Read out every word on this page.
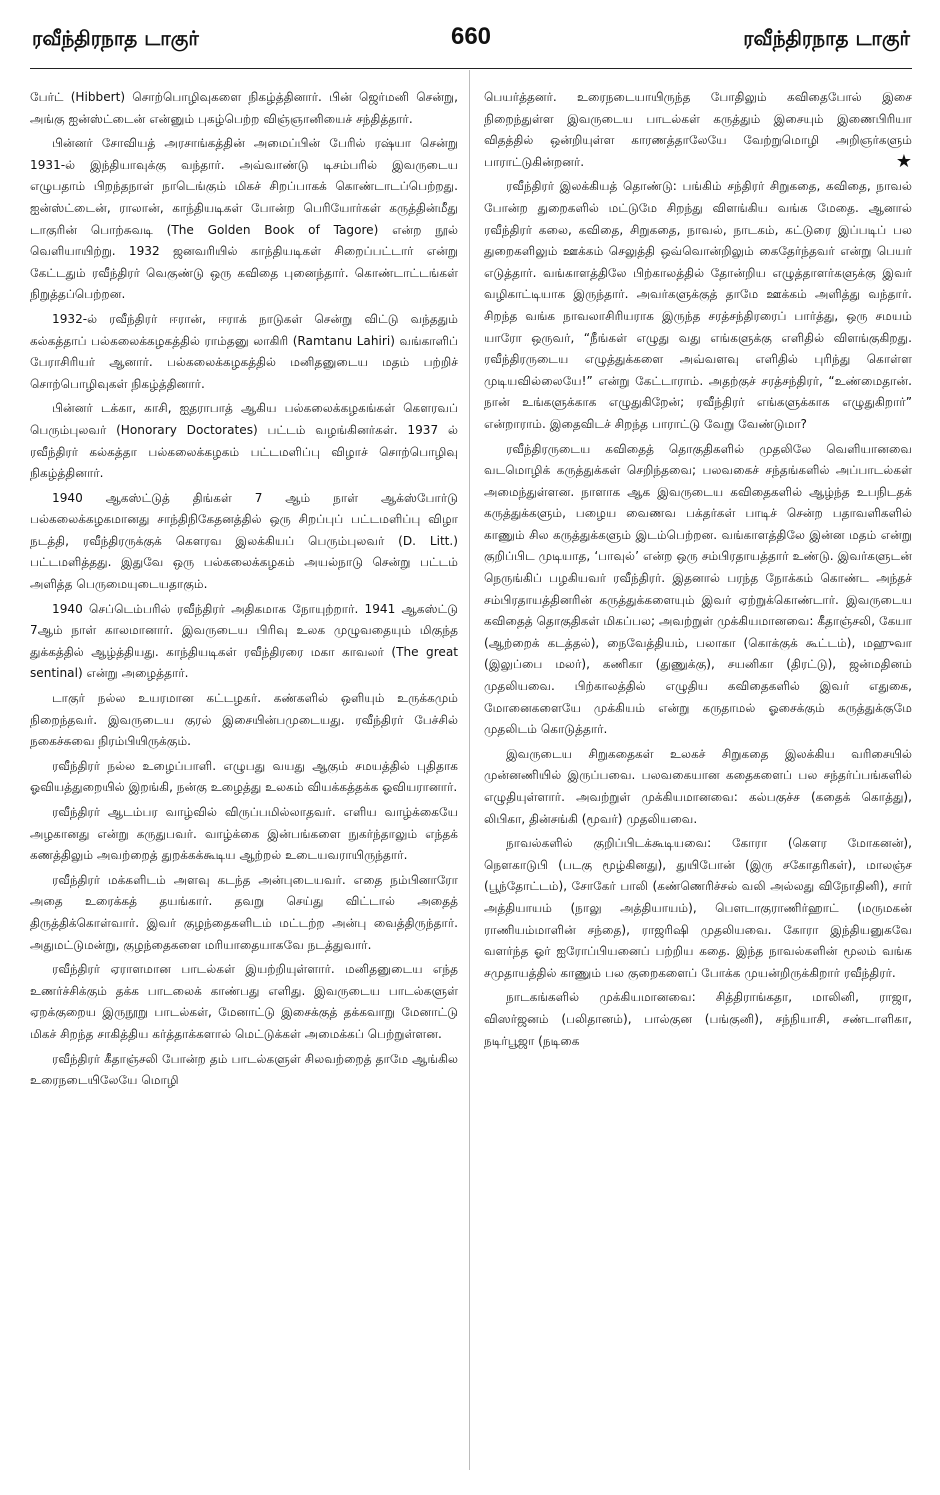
ரவீந்திரநாத டாகுர்	660	ரவீந்திரநாத டாகுர்

பேர்ட் (Hibbert) சொற்பொழிவுகளை நிகழ்த்தினார். பின் ஜெர்மனி சென்று, அங்கு ஐன்ஸ்ட்டைன் என்னும் புகழ்பெற்ற விஞ்ஞானியைச் சந்தித்தார்.

பின்னர் சோவியத் அரசாங்கத்தின் அமைப்பின் பேரில் ரஷ்யா சென்று 1931-ல் இந்தியாவுக்கு வந்தார். அவ்வாண்டு டிசம்பரில் இவருடைய எழுபதாம் பிறந்தநாள் நாடெங்கும் மிகச் சிறப்பாகக் கொண்டாடப்பெற்றது. ஐன்ஸ்ட்டைன், ராலான், காந்தியடிகள் போன்ற பெரியோர்கள் கருத்தின்மீது டாகுரின் பொற்சுவடி (The Golden Book of Tagore) என்ற நூல் வெளியாயிற்று. 1932 ஜனவரியில் காந்தியடிகள் சிறைப்பட்டார் என்று கேட்டதும் ரவீந்திரர் வெகுண்டு ஒரு கவிதை புனைந்தார். கொண்டாட்டங்கள் நிறுத்தப்பெற்றன.

1932-ல் ரவீந்திரர் ஈரான், ஈராக் நாடுகள் சென்று விட்டு வந்ததும் கல்கத்தாப் பல்கலைக்கழகத்தில் ராம்தனு லாகிரி (Ramtanu Lahiri) வங்காளிப் பேராசிரியர் ஆனார். பல்கலைக்கழகத்தில் மனிதனுடைய மதம் பற்றிச் சொற்பொழிவுகள் நிகழ்த்தினார்.

பின்னர் டக்கா, காசி, ஐதராபாத் ஆகிய பல்கலைக்கழகங்கள் கௌரவப் பெரும்புலவர் (Honorary Doctorates) பட்டம் வழங்கினர்கள். 1937 ல் ரவீந்திரர் கல்கத்தா பல்கலைக்கழகம் பட்டமளிப்பு விழாச் சொற்பொழிவு நிகழ்த்தினார்.

1940 ஆகஸ்ட்டுத் திங்கள் 7 ஆம் நாள் ஆக்ஸ்போர்டு பல்கலைக்கழகமானது சாந்திநிகேதனத்தில் ஒரு சிறப்புப் பட்டமளிப்பு விழா நடத்தி, ரவீந்திரருக்குக் கௌரவ இலக்கியப் பெரும்புலவர் (D. Litt.) பட்டமளித்தது. இதுவே ஒரு பல்கலைக்கழகம் அயல்நாடு சென்று பட்டம் அளித்த பெருமையுடையதாகும்.

1940 செப்டெம்பரில் ரவீந்திரர் அதிகமாக நோயுற்றார். 1941 ஆகஸ்ட்டு 7ஆம் நாள் காலமானார். இவருடைய பிரிவு உலக முழுவதையும் மிகுந்த துக்கத்தில் ஆழ்த்தியது. காந்தியடிகள் ரவீந்திரரை மகா காவலர் (The great sentinal) என்று அழைத்தார்.

டாகுர் நல்ல உயரமான கட்டழகர். கண்களில் ஒளியும் உருக்கமும் நிறைந்தவர். இவருடைய குரல் இசையின்பமுடையது. ரவீந்திரர் பேச்சில் நகைச்சுவை நிரம்பியிருக்கும்.

ரவீந்திரர் நல்ல உழைப்பாளி. எழுபது வயது ஆகும் சமயத்தில் புதிதாக ஓவியத்துறையில் இறங்கி, நன்கு உழைத்து உலகம் வியக்கத்தக்க ஓவியரானார்.

ரவீந்திரர் ஆடம்பர வாழ்வில் விருப்பமில்லாதவர். எளிய வாழ்க்கையே அழகானது என்று கருதுபவர். வாழ்க்கை இன்பங்களை நுகர்ந்தாலும் எந்தக் கணத்திலும் அவற்றைத் துறக்கக்கூடிய ஆற்றல் உடையவராயிருந்தார்.

ரவீந்திரர் மக்களிடம் அளவு கடந்த அன்புடையவர். எதை நம்பினாரோ அதை உரைக்கத் தயங்கார். தவறு செய்து விட்டால் அதைத் திருத்திக்கொள்வார். இவர் குழந்தைகளிடம் மட்டற்ற அன்பு வைத்திருந்தார். அதுமட்டுமன்று, குழந்தைகளை மரியாதையாகவே நடத்துவார்.

ரவீந்திரர் ஏராளமான பாடல்கள் இயற்றியுள்ளார். மனிதனுடைய எந்த உணர்ச்சிக்கும் தக்க பாடலைக் காண்பது எளிது. இவருடைய பாடல்களுள் ஏறக்குறைய இருநூறு பாடல்கள், மேனாட்டு இசைக்குத் தக்கவாறு மேனாட்டு மிகச் சிறந்த சாகித்திய கர்த்தாக்களால் மெட்டுக்கள் அமைக்கப் பெற்றுள்ளன.

ரவீந்திரர் கீதாஞ்சலி போன்ற தம் பாடல்களுள் சிலவற்றைத் தாமே ஆங்கில உரைநடையிலேயே மொழி

பெயர்த்தனர். உரைநடையாயிருந்த போதிலும் கவிதைபோல் இசை நிறைந்துள்ள இவருடைய பாடல்கள் கருத்தும் இசையும் இணைபிரியா விதத்தில் ஒன்றியுள்ள காரணத்தாலேயே வேற்றுமொழி அறிஞர்களும் பாராட்டுகின்றனர்.	★

ரவீந்திரர் இலக்கியத் தொண்டு: பங்கிம் சந்திரர் சிறுகதை, கவிதை, நாவல் போன்ற துறைகளில் மட்டுமே சிறந்து விளங்கிய வங்க மேதை. ஆனால் ரவீந்திரர் கலை, கவிதை, சிறுகதை, நாவல், நாடகம், கட்டுரை இப்படிப் பல துறைகளிலும் ஊக்கம் செலுத்தி ஒவ்வொன்றிலும் கைதேர்ந்தவர் என்று பெயர் எடுத்தார். வங்காளத்திலே பிற்காலத்தில் தோன்றிய எழுத்தாளர்களுக்கு இவர் வழிகாட்டியாக இருந்தார். அவர்களுக்குத் தாமே ஊக்கம் அளித்து வந்தார். சிறந்த வங்க நாவலாசிரியராக இருந்த சரத்சந்திரரைப் பார்த்து, ஒரு சமயம் யாரோ ஒருவர், “நீங்கள் எழுது வது எங்களுக்கு எளிதில் விளங்குகிறது. ரவீந்திரருடைய எழுத்துக்களை அவ்வளவு எளிதில் புரிந்து கொள்ள முடியவில்லையே!” என்று கேட்டாராம். அதற்குச் சரத்சந்திரர், “உண்மைதான். நான் உங்களுக்காக எழுதுகிறேன்; ரவீந்திரர் எங்களுக்காக எழுதுகிறார்” என்றாராம். இதைவிடச் சிறந்த பாராட்டு வேறு வேண்டுமா?

ரவீந்திரருடைய கவிதைத் தொகுதிகளில் முதலிலே வெளியானவை வடமொழிக் கருத்துக்கள் செறிந்தவை; பலவகைச் சந்தங்களில் அப்பாடல்கள் அமைந்துள்ளன. நாளாக ஆக இவருடைய கவிதைகளில் ஆழ்ந்த உபநிடதக் கருத்துக்களும், பழைய வைணவ பக்தர்கள் பாடிச் சென்ற பதாவளிகளில் காணும் சில கருத்துக்களும் இடம்பெற்றன. வங்காளத்திலே இன்ன மதம் என்று குறிப்பிட முடியாத, ‘பாவுல்’ என்ற ஒரு சம்பிரதாயத்தார் உண்டு. இவர்களுடன் நெருங்கிப் பழகியவர் ரவீந்திரர். இதனால் பரந்த நோக்கம் கொண்ட அந்தச் சம்பிரதாயத்தினரின் கருத்துக்களையும் இவர் ஏற்றுக்கொண்டார். இவருடைய கவிதைத் தொகுதிகள் மிகப்பல; அவற்றுள் முக்கியமானவை: கீதாஞ்சலி, கேயா (ஆற்றைக் கடத்தல்), நைவேத்தியம், பலாகா (கொக்குக் கூட்டம்), மஹுவா (இலுப்பை மலர்), கணிகா (துணுக்கு), சயனிகா (திரட்டு), ஜன்மதினம் முதலியவை. பிற்காலத்தில் எழுதிய கவிதைகளில் இவர் எதுகை, மோனைகளையே முக்கியம் என்று கருதாமல் ஓசைக்கும் கருத்துக்குமே முதலிடம் கொடுத்தார்.

இவருடைய சிறுகதைகள் உலகச் சிறுகதை இலக்கிய வரிசையில் முன்னணியில் இருப்பவை. பலவகையான கதைகளைப் பல சந்தர்ப்பங்களில் எழுதியுள்ளார். அவற்றுள் முக்கியமானவை: கல்பகுச்ச (கதைக் கொத்து), லிபிகா, தின்சங்கி (மூவர்) முதலியவை.

நாவல்களில் குறிப்பிடக்கூடியவை: கோரா (கௌர மோகனன்), நௌகாடுபி (படகு மூழ்கினது), துயிபோன் (இரு சகோதரிகள்), மாலஞ்ச (பூந்தோட்டம்), சோகேர் பாலி (கண்ணெரிச்சல் வலி அல்லது விநோதினி), சார் அத்தியாயம் (நாலு அத்தியாயம்), பௌடாகுராணிர்ஹாட் (மருமகன் ராணியம்மாளின் சந்தை), ராஜரிஷி முதலியவை. கோரா இந்தியனுகவே வளர்ந்த ஓர் ஐரோப்பியனைப் பற்றிய கதை. இந்த நாவல்களின் மூலம் வங்க சமுதாயத்தில் காணும் பல குறைகளைப் போக்க முயன்றிருக்கிறார் ரவீந்திரர்.

நாடகங்களில் முக்கியமானவை: சித்திராங்கதா, மாலினி, ராஜா, விஸர்ஜனம் (பலிதானம்), பால்குன (பங்குனி), சந்நியாசி, சண்டாளிகா, நடிர்பூஜா (நடிகை
